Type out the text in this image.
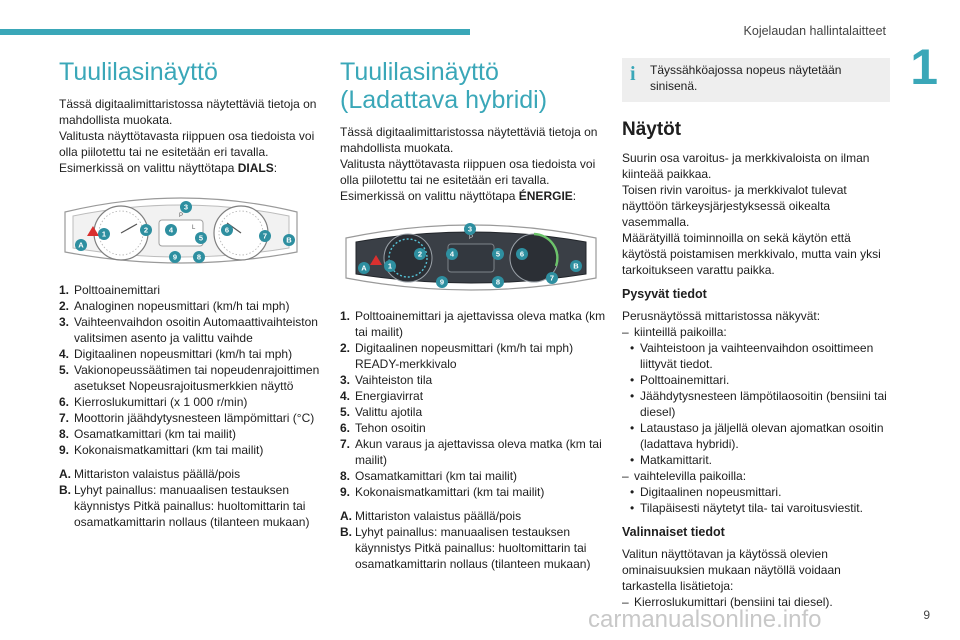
Kojelaudan hallintalaitteet
1
Tuulilasinäyttö

Tässä digitaalimittaristossa näytettäviä tietoja on mahdollista muokata.

Valitusta näyttötavasta riippuen osa tiedoista voi olla piilotettu tai ne esitetään eri tavalla.

Esimerkissä on valittu näyttötapa DIALS:

L
P
1	2
3
4
5
6
7
8
9
A
B
1. Polttoainemittari
2. Analoginen nopeusmittari (km/h tai mph)
3. Vaihteenvaihdon osoitin Automaattivaihteiston valitsimen asento ja valittu vaihde
4. Digitaalinen nopeusmittari (km/h tai mph)
5. Vakionopeussäätimen tai nopeudenrajoittimen asetukset Nopeusrajoitusmerkkien näyttö
6. Kierroslukumittari (x 1 000 r/min)
7. Moottorin jäähdytysnesteen lämpömittari (°C)
8. Osamatkamittari (km tai mailit)
9. Kokonaismatkamittari (km tai mailit)
A. Mittariston valaistus päällä/pois
B. Lyhyt painallus: manuaalisen testauksen käynnistys Pitkä painallus: huoltomittarin tai osamatkamittarin nollaus (tilanteen mukaan)
Tuulilasinäyttö (Ladattava hybridi)

Tässä digitaalimittaristossa näytettäviä tietoja on mahdollista muokata.

Valitusta näyttötavasta riippuen osa tiedoista voi olla piilotettu tai ne esitetään eri tavalla.

Esimerkissä on valittu näyttötapa ÉNERGIE:

P
1
2
3
4	5	6
7
8
9
A	B
1. Polttoainemittari ja ajettavissa oleva matka (km tai mailit)
2. Digitaalinen nopeusmittari (km/h tai mph) READY-merkkivalo
3. Vaihteiston tila
4. Energiavirrat
5. Valittu ajotila
6. Tehon osoitin
7. Akun varaus ja ajettavissa oleva matka (km tai mailit)
8. Osamatkamittari (km tai mailit)
9. Kokonaismatkamittari (km tai mailit)
A. Mittariston valaistus päällä/pois
B. Lyhyt painallus: manuaalisen testauksen käynnistys Pitkä painallus: huoltomittarin tai osamatkamittarin nollaus (tilanteen mukaan)
i	Täyssähköajossa nopeus näytetään sinisenä.
Näytöt

Suurin osa varoitus- ja merkkivaloista on ilman kiinteää paikkaa.

Toisen rivin varoitus- ja merkkivalot tulevat näyttöön tärkeysjärjestyksessä oikealta vasemmalla.

Määrätyillä toiminnoilla on sekä käytön että käytöstä poistamisen merkkivalo, mutta vain yksi tarkoitukseen varattu paikka.

Pysyvät tiedot

Perusnäytössä mittaristossa näkyvät:

– kiinteillä paikoilla:
• Vaihteistoon ja vaihteenvaihdon osoittimeen liittyvät tiedot.
• Polttoainemittari.
• Jäähdytysnesteen lämpötilaosoitin (bensiini tai diesel)
• Lataustaso ja jäljellä olevan ajomatkan osoitin (ladattava hybridi).
• Matkamittarit.
– vaihtelevilla paikoilla:
• Digitaalinen nopeusmittari.
• Tilapäisesti näytetyt tila- tai varoitusviestit.
Valinnaiset tiedot

Valitun näyttötavan ja käytössä olevien ominaisuuksien mukaan näytöllä voidaan tarkastella lisätietoja:

– Kierroslukumittari (bensiini tai diesel).
carmanualsonline.info	9
